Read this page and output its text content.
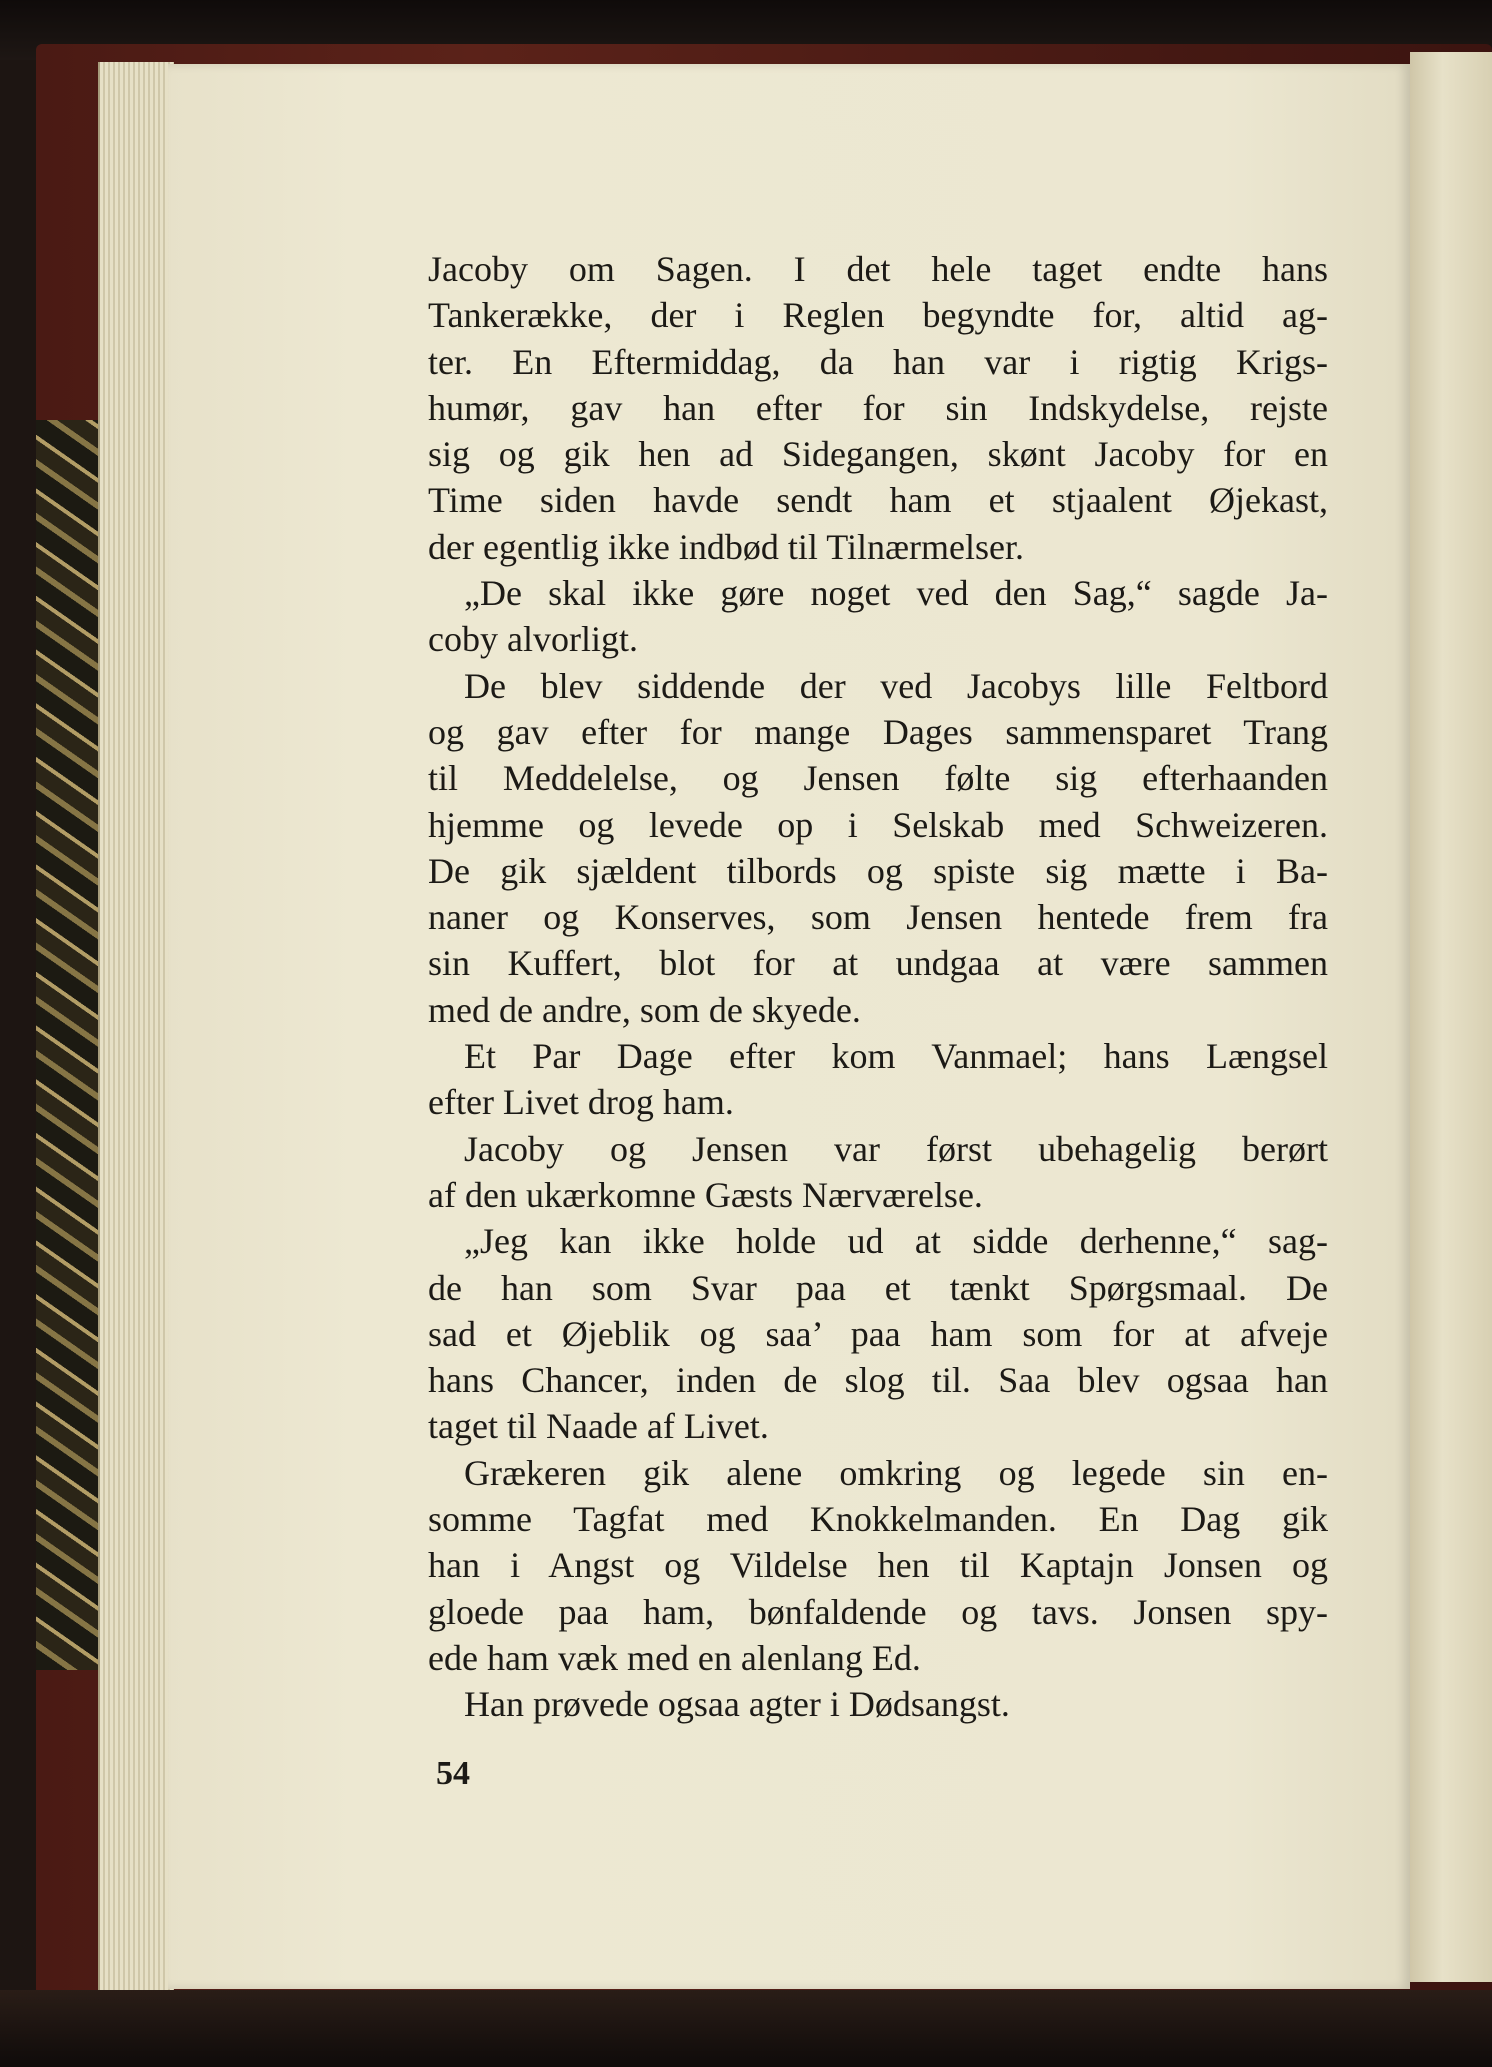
Jacoby om Sagen. I det hele taget endte hans
Tankerække, der i Reglen begyndte for, altid ag-
ter. En Eftermiddag, da han var i rigtig Krigs-
humør, gav han efter for sin Indskydelse, rejste
sig og gik hen ad Sidegangen, skønt Jacoby for en
Time siden havde sendt ham et stjaalent Øjekast,
der egentlig ikke indbød til Tilnærmelser.
„De skal ikke gøre noget ved den Sag,“ sagde Ja-
coby alvorligt.
De blev siddende der ved Jacobys lille Feltbord
og gav efter for mange Dages sammensparet Trang
til Meddelelse, og Jensen følte sig efterhaanden
hjemme og levede op i Selskab med Schweizeren.
De gik sjældent tilbords og spiste sig mætte i Ba-
naner og Konserves, som Jensen hentede frem fra
sin Kuffert, blot for at undgaa at være sammen
med de andre, som de skyede.
Et Par Dage efter kom Vanmael; hans Længsel
efter Livet drog ham.
Jacoby og Jensen var først ubehagelig berørt
af den ukærkomne Gæsts Nærværelse.
„Jeg kan ikke holde ud at sidde derhenne,“ sag-
de han som Svar paa et tænkt Spørgsmaal. De
sad et Øjeblik og saa’ paa ham som for at afveje
hans Chancer, inden de slog til. Saa blev ogsaa han
taget til Naade af Livet.
Grækeren gik alene omkring og legede sin en-
somme Tagfat med Knokkelmanden. En Dag gik
han i Angst og Vildelse hen til Kaptajn Jonsen og
gloede paa ham, bønfaldende og tavs. Jonsen spy-
ede ham væk med en alenlang Ed.
Han prøvede ogsaa agter i Dødsangst.
54
